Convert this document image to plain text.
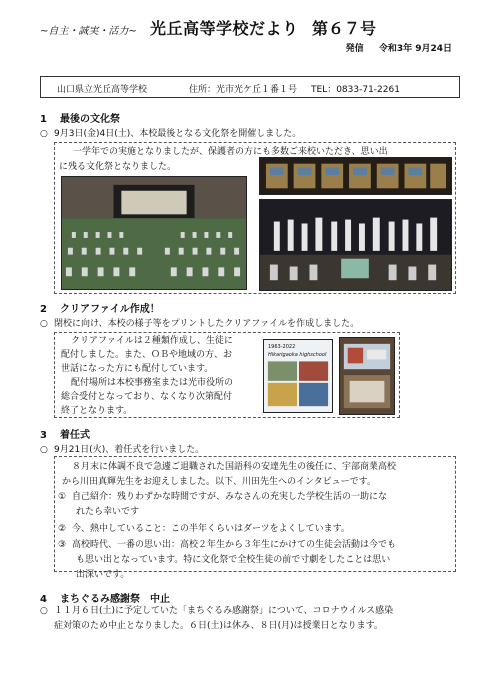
~自主・誠実・活力~ 光丘高等学校だより 第６７号
発信 令和3年 9月24日
山口県立光丘高等学校	住所：光市光ケ丘１番１号 TEL：0833-71-2261
1 最後の文化祭
○ 9月3日(金)4日(土)、本校最後となる文化祭を開催しました。
一学年での実施となりましたが、保護者の方にも多数ご来校いただき、思い出
に残る文化祭となりました。
2 クリアファイル作成！
○ 閉校に向け、本校の様子等をプリントしたクリアファイルを作成しました。
クリアファイルは２種類作成し、生徒に
配付しました。また、ＯＢや地域の方、お
世話になった方にも配付しています。
配付場所は本校事務室または光市役所の
総合受付となっており、なくなり次第配付
終了となります。
1963-2022
Hikarigaoka highschool
3 着任式
○ 9月21日(火)、着任式を行いました。
８月末に体調不良で急遽ご退職された国語科の安達先生の後任に、宇部商業高校
から川田真輝先生をお迎えしました。以下、川田先生へのインタビューです。
① 自己紹介：残りわずかな時間ですが、みなさんの充実した学校生活の一助にな
れたら幸いです
② 今、熱中していること：この半年くらいはダーツをよくしています。
③ 高校時代、一番の思い出：高校２年生から３年生にかけての生徒会活動は今でも
も思い出となっています。特に文化祭で全校生徒の前で寸劇をしたことは思い
出深いです。
4 まちぐるみ感謝祭　中止
○ １１月６日(土)に予定していた「まちぐるみ感謝祭」について、コロナウイルス感染
症対策のため中止となりました。６日(土)は休み、８日(月)は授業日となります。
